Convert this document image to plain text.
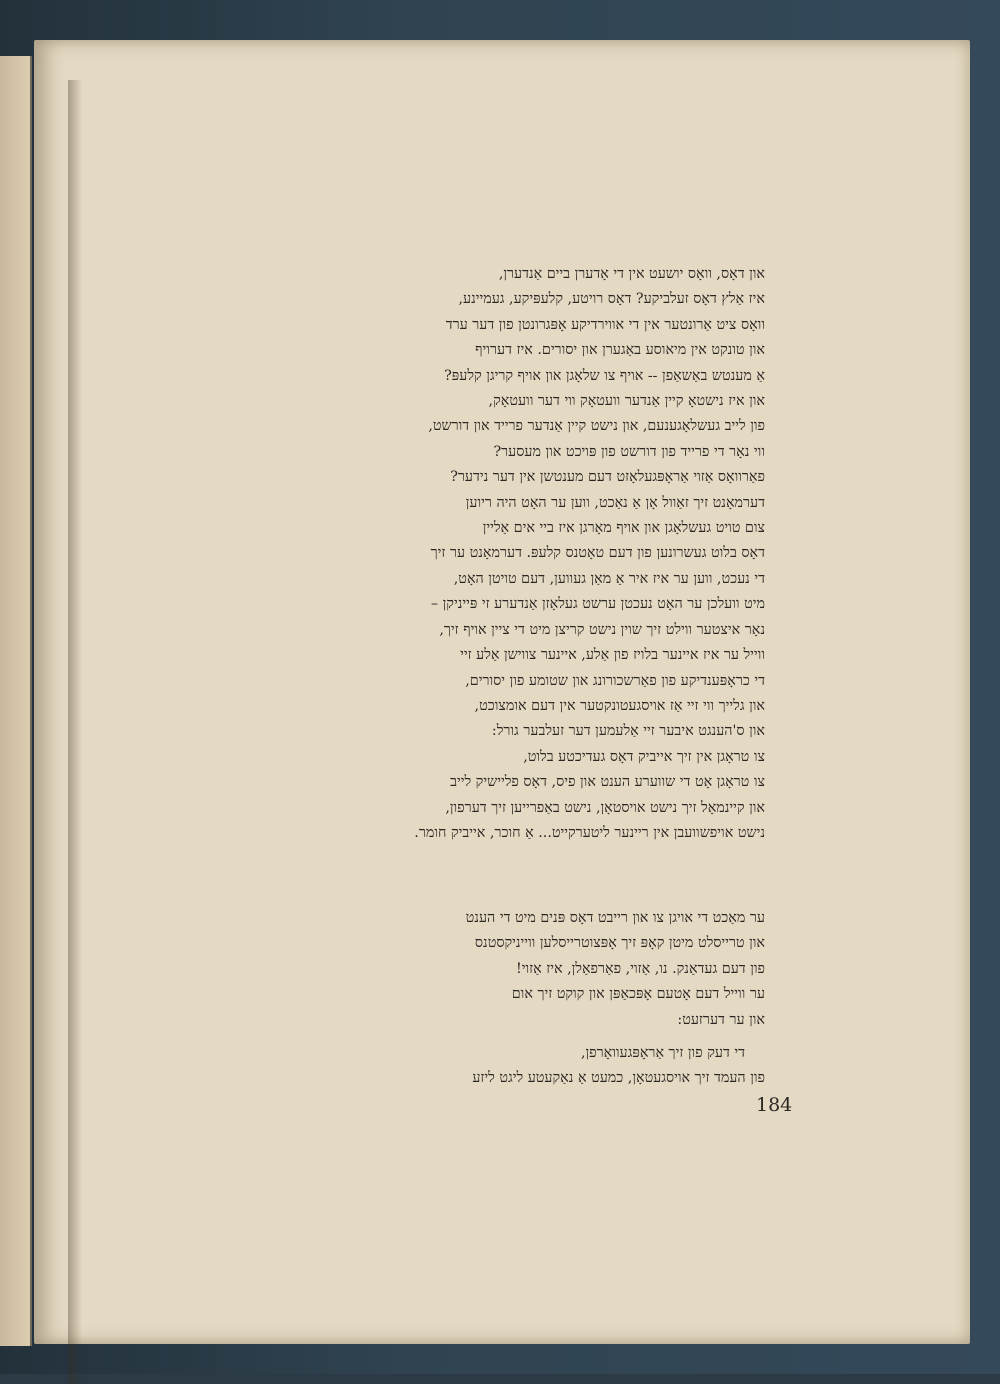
און דאָס, וואָס יושעט אין די אָדערן ביים אַנדערן,
איז אַלץ דאָס זעלביקע? דאָס רויטע, קלעפּיקע, געמיינע,
וואָס ציט אַרונטער אין די אווירדיקע אָפּגרונטן פון דער ערד
און טונקט אין מיאוסע באַגערן און יסורים. איז דערויף
אַ מענטש באַשאַפן -- אויף צו שלאָגן און אויף קריגן קלעפּ?
און איז נישטאָ קיין אַנדער וועטאָק ווי דער וועטאָק,
פון לייב געשלאָגענעם, און נישט קיין אַנדער פרייד און דורשט,
ווי נאָר די פרייד פון דורשט פון פּויכט און מעסער?
פאַרוואָס אַזוי אַראָפּגעלאָזט דעם מענטשן אין דער נידער?
דערמאָנט זיך זאַוול אָן אַ נאַכט, ווען ער האָט היה ריוען
צום טויט געשלאָגן און אויף מאָרגן איז ביי אים אַליין
דאָס בלוט געשרונען פון דעם טאָטנס קלעפּ. דערמאָנט ער זיך
די נעכט, ווען ער איז איר אַ מאַן געווען, דעם טויטן האָט,
מיט וועלכן ער האָט נעכטן ערשט געלאָזן אַנדערע זי פּייניקן –
נאָר איצטער ווילט זיך שוין נישט קריצן מיט די ציין אויף זיך,
ווייל ער איז איינער בלויז פון אַלע, איינער צווישן אַלע זיי
די כראָפּענדיקע פון פאַרשכורונג און שטומע פון יסורים,
און גלייך ווי זיי אַז אויסגעטונקטער אין דעם אומצוכט,
און ס'הענגט איבער זיי אַלעמען דער זעלבער גורל:
צו טראָגן אין זיך אייביק דאָס געדיכטע בלוט,
צו טראָגן אָט די שווערע הענט און פיס, דאָס פליישיק לייב
און קיינמאָל זיך נישט אויסטאָן, נישט באַפרייען זיך דערפון,
נישט אויפשוועבן אין ריינער ליטערקייט... אַ חוכר, אייביק חומר.
ער מאַכט די אויגן צו און רייבט דאָס פּנים מיט די הענט
און טרייסלט מיטן קאָפּ זיך אָפּצוטרייסלען ווייניקסטנס
פון דעם געדאַנק. נו, אַזוי, פאַרפאַלן, איז אַזוי!
ער ווייל דעם אָטעם אָפּכאַפּן און קוקט זיך אום
און ער דערזעט:
די דעק פון זיך אַראָפּגעוואָרפן,
פון העמד זיך אויסגעטאָן, כמעט אַ נאַקעטע ליגט ליזע
184
